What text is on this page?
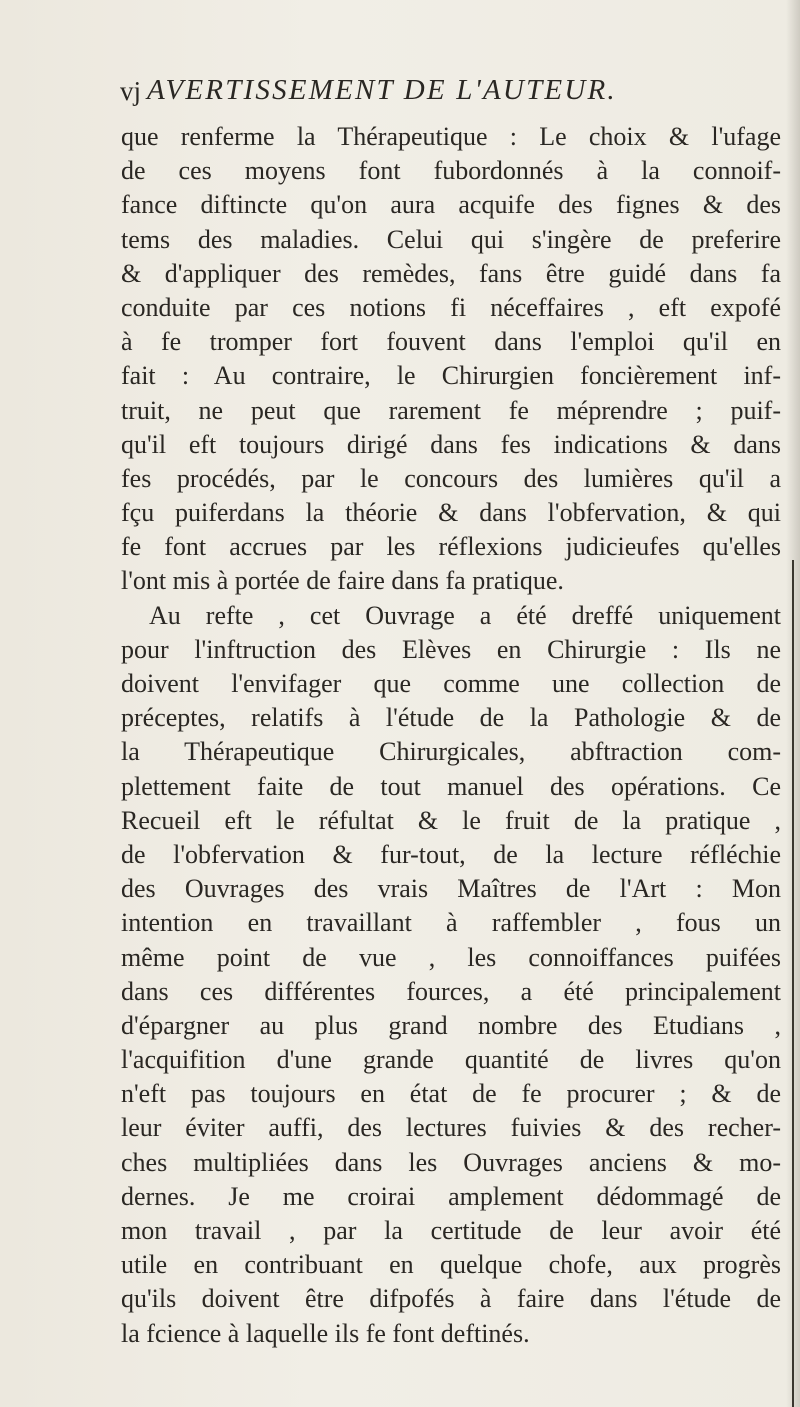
vj AVERTISSEMENT DE L'AUTEUR.
que renferme la Thérapeutique : Le choix & l'ufage
de ces moyens font fubordonnés à la connoif-
fance diftincte qu'on aura acquife des fignes & des
tems des maladies. Celui qui s'ingère de preferire
& d'appliquer des remèdes, fans être guidé dans fa
conduite par ces notions fi néceffaires , eft expofé
à fe tromper fort fouvent dans l'emploi qu'il en
fait : Au contraire, le Chirurgien foncièrement inf-
truit, ne peut que rarement fe méprendre ; puif-
qu'il eft toujours dirigé dans fes indications & dans
fes procédés, par le concours des lumières qu'il a
fçu puiferdans la théorie & dans l'obfervation, & qui
fe font accrues par les réflexions judicieufes qu'elles
l'ont mis à portée de faire dans fa pratique.
Au refte , cet Ouvrage a été dreffé uniquement
pour l'inftruction des Elèves en Chirurgie : Ils ne
doivent l'envifager que comme une collection de
préceptes, relatifs à l'étude de la Pathologie & de
la Thérapeutique Chirurgicales, abftraction com-
plettement faite de tout manuel des opérations. Ce
Recueil eft le réfultat & le fruit de la pratique ,
de l'obfervation & fur-tout, de la lecture réfléchie
des Ouvrages des vrais Maîtres de l'Art : Mon
intention en travaillant à raffembler , fous un
même point de vue , les connoiffances puifées
dans ces différentes fources, a été principalement
d'épargner au plus grand nombre des Etudians ,
l'acquifition d'une grande quantité de livres qu'on
n'eft pas toujours en état de fe procurer ; & de
leur éviter auffi, des lectures fuivies & des recher-
ches multipliées dans les Ouvrages anciens & mo-
dernes. Je me croirai amplement dédommagé de
mon travail , par la certitude de leur avoir été
utile en contribuant en quelque chofe, aux progrès
qu'ils doivent être difpofés à faire dans l'étude de
la fcience à laquelle ils fe font deftinés.
